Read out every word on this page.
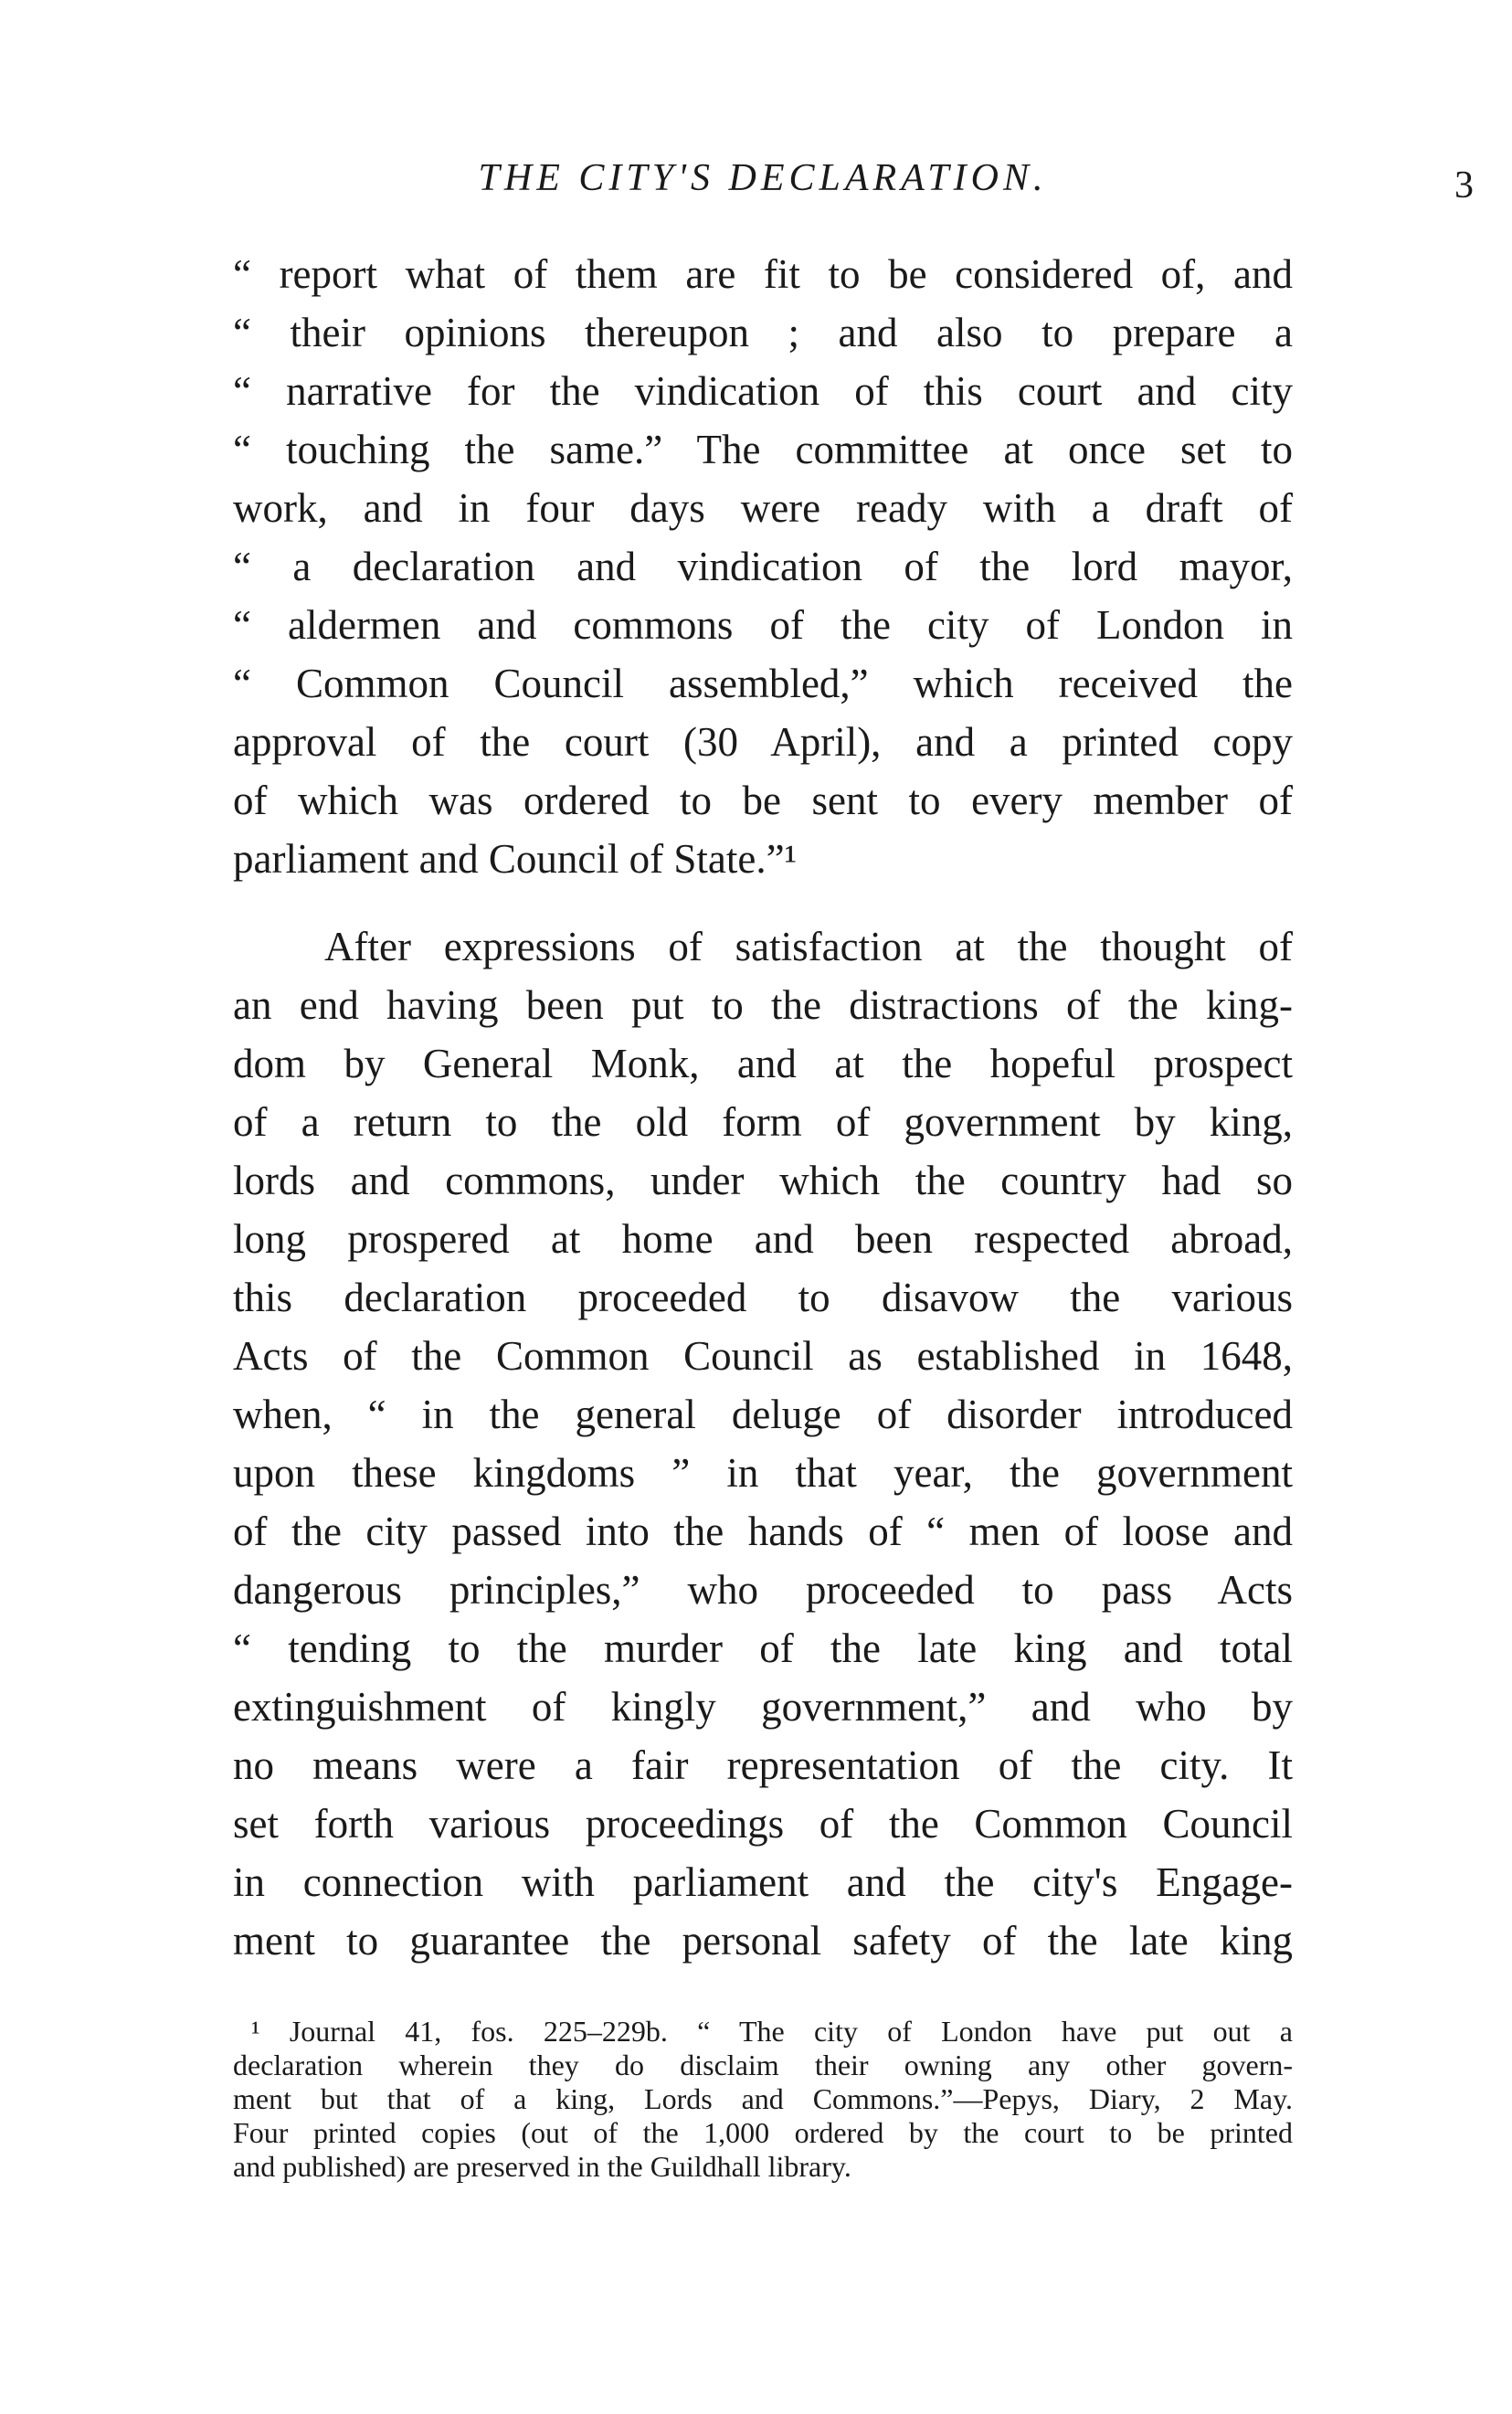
THE CITY'S DECLARATION.	3
“ report what of them are fit to be considered of, and
“ their opinions thereupon ; and also to prepare a
“ narrative for the vindication of this court and city
“ touching the same.” The committee at once set to
work, and in four days were ready with a draft of
“ a declaration and vindication of the lord mayor,
“ aldermen and commons of the city of London in
“ Common Council assembled,” which received the
approval of the court (30 April), and a printed copy
of which was ordered to be sent to every member of
parliament and Council of State.”¹
After expressions of satisfaction at the thought of
an end having been put to the distractions of the king-
dom by General Monk, and at the hopeful prospect
of a return to the old form of government by king,
lords and commons, under which the country had so
long prospered at home and been respected abroad,
this declaration proceeded to disavow the various
Acts of the Common Council as established in 1648,
when, “ in the general deluge of disorder introduced
upon these kingdoms ” in that year, the government
of the city passed into the hands of “ men of loose and
dangerous principles,” who proceeded to pass Acts
“ tending to the murder of the late king and total
extinguishment of kingly government,” and who by
no means were a fair representation of the city. It
set forth various proceedings of the Common Council
in connection with parliament and the city's Engage-
ment to guarantee the personal safety of the late king
¹ Journal 41, fos. 225–229b. “ The city of London have put out a
declaration wherein they do disclaim their owning any other govern-
ment but that of a king, Lords and Commons.”—Pepys, Diary, 2 May.
Four printed copies (out of the 1,000 ordered by the court to be printed
and published) are preserved in the Guildhall library.
